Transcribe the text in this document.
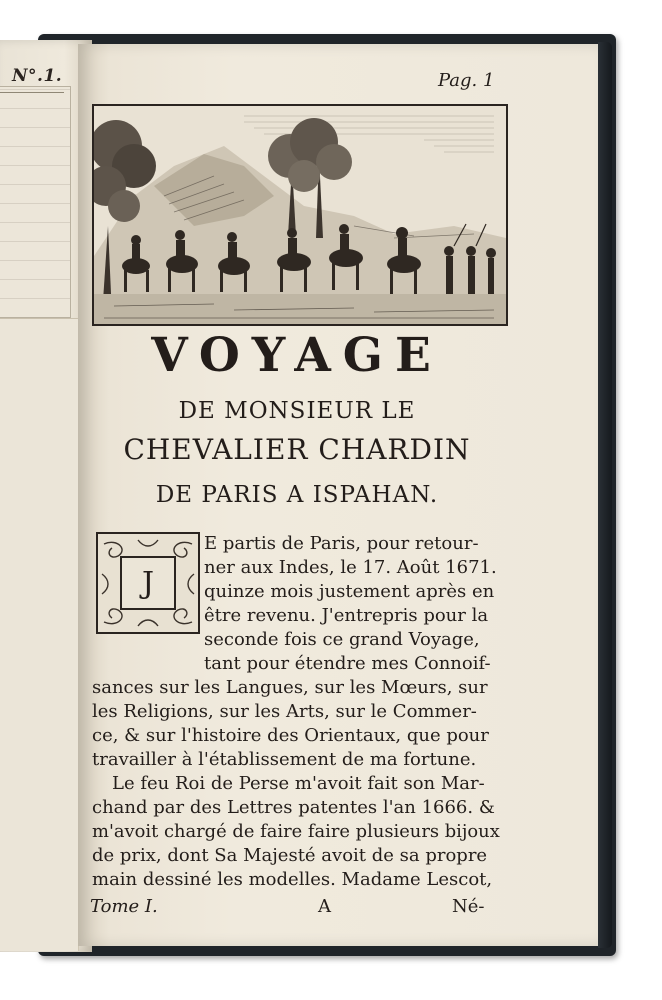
N°.1.	Pag. 1
VOYAGE
DE MONSIEUR LE
CHEVALIER CHARDIN
DE PARIS A ISPAHAN.
J
E partis de Paris, pour retour-
ner aux Indes, le 17. Août 1671.
quinze mois justement après en
être revenu. J'entrepris pour la
seconde fois ce grand Voyage,
tant pour étendre mes Connoif-
sances sur les Langues, sur les Mœurs, sur
les Religions, sur les Arts, sur le Commer-
ce, & sur l'histoire des Orientaux, que pour
travailler à l'établissement de ma fortune.
Le feu Roi de Perse m'avoit fait son Mar-
chand par des Lettres patentes l'an 1666. &
m'avoit chargé de faire faire plusieurs bijoux
de prix, dont Sa Majesté avoit de sa propre
main dessiné les modelles. Madame Lescot,
Tome I.	A	Né-
